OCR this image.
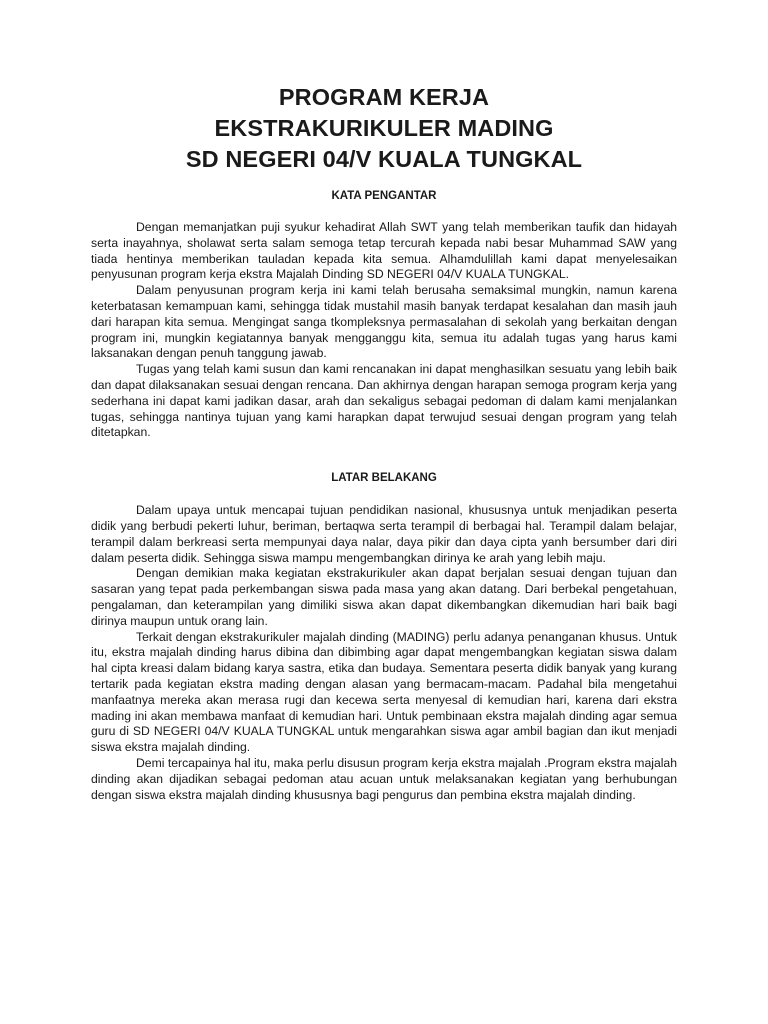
PROGRAM KERJA
EKSTRAKURIKULER MADING
SD NEGERI 04/V KUALA TUNGKAL
KATA PENGANTAR

Dengan memanjatkan puji syukur kehadirat Allah SWT yang telah memberikan taufik dan hidayah serta inayahnya, sholawat serta salam semoga tetap tercurah kepada nabi besar Muhammad SAW yang tiada hentinya memberikan tauladan kepada kita semua. Alhamdulillah kami dapat menyelesaikan penyusunan program kerja ekstra Majalah Dinding SD NEGERI 04/V KUALA TUNGKAL.

Dalam penyusunan program kerja ini kami telah berusaha semaksimal mungkin, namun karena keterbatasan kemampuan kami, sehingga tidak mustahil masih banyak terdapat kesalahan dan masih jauh dari harapan kita semua. Mengingat sanga tkompleksnya permasalahan di sekolah yang berkaitan dengan program ini, mungkin kegiatannya banyak mengganggu kita, semua itu adalah tugas yang harus kami laksanakan dengan penuh tanggung jawab.

Tugas yang telah kami susun dan kami rencanakan ini dapat menghasilkan sesuatu yang lebih baik dan dapat dilaksanakan sesuai dengan rencana. Dan akhirnya dengan harapan semoga program kerja yang sederhana ini dapat kami jadikan dasar, arah dan sekaligus sebagai pedoman di dalam kami menjalankan tugas, sehingga nantinya tujuan yang kami harapkan dapat terwujud sesuai dengan program yang telah ditetapkan.

LATAR BELAKANG

Dalam upaya untuk mencapai tujuan pendidikan nasional, khususnya untuk menjadikan peserta didik yang berbudi pekerti luhur, beriman, bertaqwa serta terampil di berbagai hal. Terampil dalam belajar, terampil dalam berkreasi serta mempunyai daya nalar, daya pikir dan daya cipta yanh bersumber dari diri dalam peserta didik. Sehingga siswa mampu mengembangkan dirinya ke arah yang lebih maju.

Dengan demikian maka kegiatan ekstrakurikuler akan dapat berjalan sesuai dengan tujuan dan sasaran yang tepat pada perkembangan siswa pada masa yang akan datang. Dari berbekal pengetahuan, pengalaman, dan keterampilan yang dimiliki siswa akan dapat dikembangkan dikemudian hari baik bagi dirinya maupun untuk orang lain.

Terkait dengan ekstrakurikuler majalah dinding (MADING) perlu adanya penanganan khusus. Untuk itu, ekstra majalah dinding harus dibina dan dibimbing agar dapat mengembangkan kegiatan siswa dalam hal cipta kreasi dalam bidang karya sastra, etika dan budaya. Sementara peserta didik banyak yang kurang tertarik pada kegiatan ekstra mading dengan alasan yang bermacam-macam. Padahal bila mengetahui manfaatnya mereka akan merasa rugi dan kecewa serta menyesal di kemudian hari, karena dari ekstra mading ini akan membawa manfaat di kemudian hari. Untuk pembinaan ekstra majalah dinding agar semua guru di SD NEGERI 04/V KUALA TUNGKAL untuk mengarahkan siswa agar ambil bagian dan ikut menjadi siswa ekstra majalah dinding.

Demi tercapainya hal itu, maka perlu disusun program kerja ekstra majalah .Program ekstra majalah dinding akan dijadikan sebagai pedoman atau acuan untuk melaksanakan kegiatan yang berhubungan dengan siswa ekstra majalah dinding khususnya bagi pengurus dan pembina ekstra majalah dinding.
